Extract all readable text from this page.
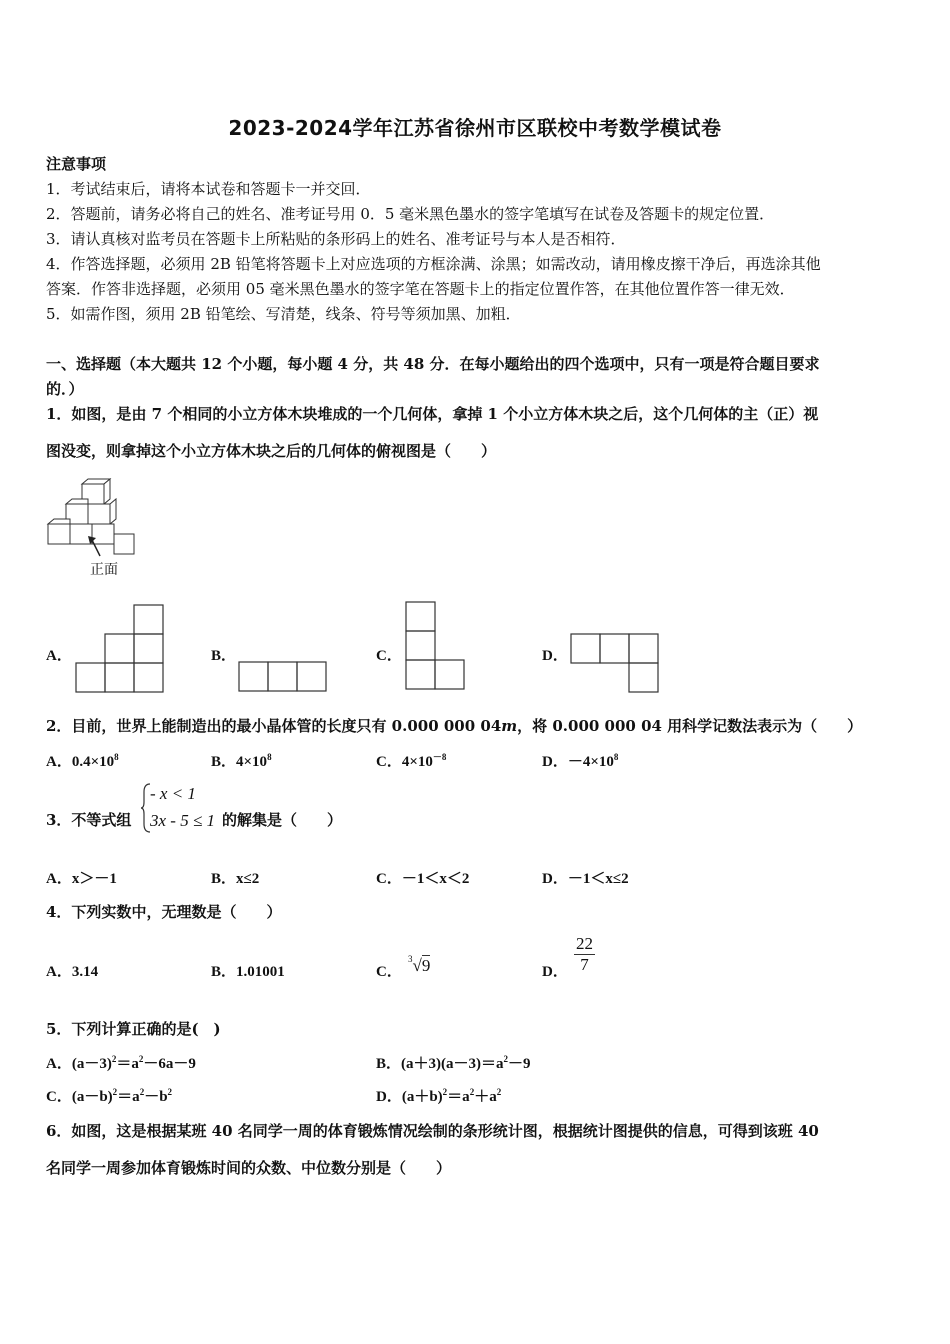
2023-2024学年江苏省徐州市区联校中考数学模试卷
注意事项
1．考试结束后，请将本试卷和答题卡一并交回．
2．答题前，请务必将自己的姓名、准考证号用 0．5 毫米黑色墨水的签字笔填写在试卷及答题卡的规定位置．
3．请认真核对监考员在答题卡上所粘贴的条形码上的姓名、准考证号与本人是否相符．
4．作答选择题，必须用 2B 铅笔将答题卡上对应选项的方框涂满、涂黑；如需改动，请用橡皮擦干净后，再选涂其他
答案．作答非选择题，必须用 05 毫米黑色墨水的签字笔在答题卡上的指定位置作答，在其他位置作答一律无效．
5．如需作图，须用 2B 铅笔绘、写清楚，线条、符号等须加黑、加粗．
一、选择题（本大题共 12 个小题，每小题 4 分，共 48 分．在每小题给出的四个选项中，只有一项是符合题目要求
的．）
1．如图，是由 7 个相同的小立方体木块堆成的一个几何体，拿掉 1 个小立方体木块之后，这个几何体的主（正）视
图没变，则拿掉这个小立方体木块之后的几何体的俯视图是（　　）
正面
A．	B．	C．	D．
2．目前，世界上能制造出的最小晶体管的长度只有 0.000 000 04m，将 0.000 000 04 用科学记数法表示为（　　）
A．$0.4\times 10^8$	B．$4\times 10^8$	C．$4\times 10^{-8}$	D．$-4\times 10^8$
3．不等式组
- x < 1
3x - 5 ≤ 1 的解集是（　　）
A．x＞－1	B．x≤2	C．－1＜x＜2	D．－1＜x≤2
4．下列实数中，无理数是（　　）
A．3.14	B．1.01001	C．
$^3$√9	D． $\frac{22}{7}$
5．下列计算正确的是(　)
A．$(a-3)^2=a^2-6a-9$	B．$(a+3)(a-3)=a^2-9$
C．$(a-b)^2=a^2-b^2$	D．$(a+b)^2=a^2+a^2$
6．如图，这是根据某班 40 名同学一周的体育锻炼情况绘制的条形统计图，根据统计图提供的信息，可得到该班 40
名同学一周参加体育锻炼时间的众数、中位数分别是（　　）
